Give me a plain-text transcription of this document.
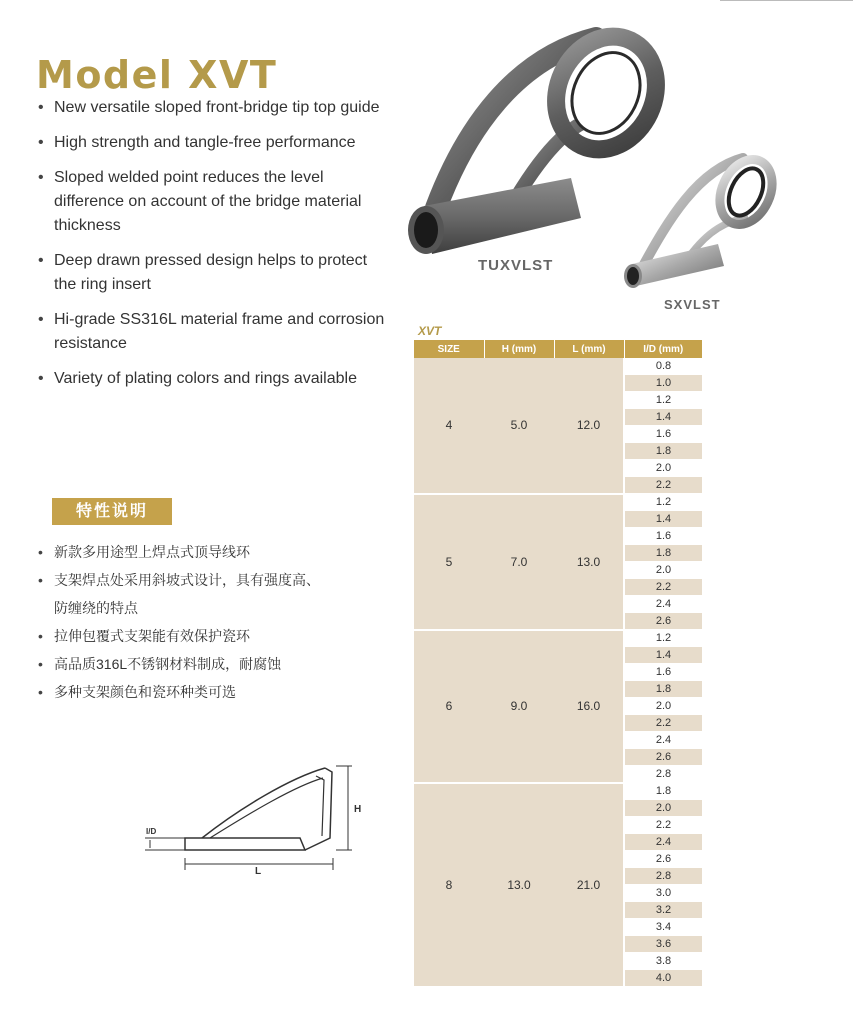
Model XVT
• New versatile sloped front-bridge tip top guide
• High strength and tangle-free performance
• Sloped welded point reduces the level difference on account of the bridge material thickness
• Deep drawn pressed design helps to protect the ring insert
• Hi-grade SS316L material frame and corrosion resistance
• Variety of plating colors and rings available
特性说明
• 新款多用途型上焊点式顶导线环
• 支架焊点处采用斜坡式设计，具有强度高、
防缠绕的特点
• 拉伸包覆式支架能有效保护瓷环
• 高品质316L不锈钢材料制成，耐腐蚀
• 多种支架颜色和瓷环种类可选
TUXVLST
SXVLST
I/D
H
L
XVT
SIZE	H (mm)	L (mm)	I/D (mm)
4	5.0	12.0	0.8
			1.0
			1.2
			1.4
			1.6
			1.8
			2.0
			2.2
5	7.0	13.0	1.2
			1.4
			1.6
			1.8
			2.0
			2.2
			2.4
			2.6
6	9.0	16.0	1.2
			1.4
			1.6
			1.8
			2.0
			2.2
			2.4
			2.6
			2.8
8	13.0	21.0	1.8
			2.0
			2.2
			2.4
			2.6
			2.8
			3.0
			3.2
			3.4
			3.6
			3.8
			4.0
